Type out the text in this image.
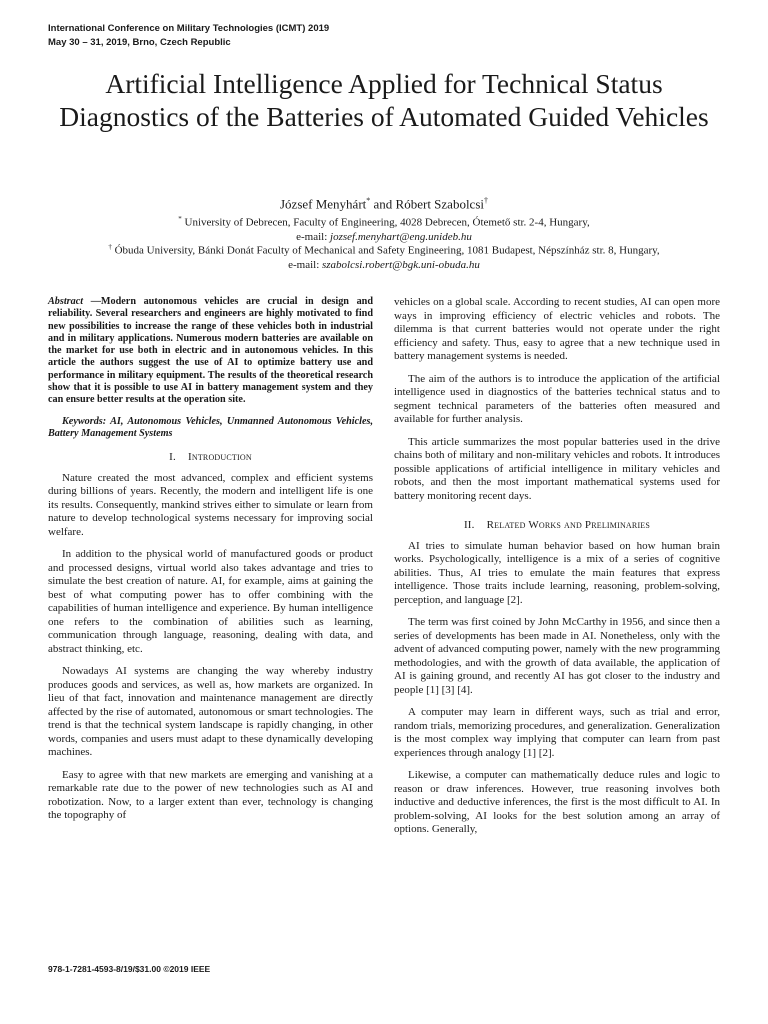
International Conference on Military Technologies (ICMT) 2019
May 30 – 31, 2019, Brno, Czech Republic
Artificial Intelligence Applied for Technical Status Diagnostics of the Batteries of Automated Guided Vehicles
József Menyhárt* and Róbert Szabolcsi†
* University of Debrecen, Faculty of Engineering, 4028 Debrecen, Ótemető str. 2-4, Hungary,
e-mail: jozsef.menyhart@eng.unideb.hu
† Óbuda University, Bánki Donát Faculty of Mechanical and Safety Engineering, 1081 Budapest, Népszínház str. 8, Hungary,
e-mail: szabolcsi.robert@bgk.uni-obuda.hu

Abstract —Modern autonomous vehicles are crucial in design and reliability. Several researchers and engineers are highly motivated to find new possibilities to increase the range of these vehicles both in industrial and in military applications. Numerous modern batteries are available on the market for use both in electric and in autonomous vehicles. In this article the authors suggest the use of AI to optimize battery use and performance in military equipment. The results of the theoretical research show that it is possible to use AI in battery management system and they can ensure better results at the operation site.

Keywords: AI, Autonomous Vehicles, Unmanned Autonomous Vehicles, Battery Management Systems

I. Introduction

Nature created the most advanced, complex and efficient systems during billions of years. Recently, the modern and intelligent life is one its results. Consequently, mankind strives either to simulate or learn from nature to develop technological systems necessary for improving social welfare.

In addition to the physical world of manufactured goods or product and processed designs, virtual world also takes advantage and tries to simulate the best creation of nature. AI, for example, aims at gaining the best of what computing power has to offer combining with the capabilities of human intelligence and experience. By human intelligence one refers to the combination of abilities such as learning, communication through language, reasoning, dealing with data, and abstract thinking, etc.

Nowadays AI systems are changing the way whereby industry produces goods and services, as well as, how markets are organized. In lieu of that fact, innovation and maintenance management are directly affected by the rise of automated, autonomous or smart technologies. The trend is that the technical system landscape is rapidly changing, in other words, companies and users must adapt to these dynamically developing machines.

Easy to agree with that new markets are emerging and vanishing at a remarkable rate due to the power of new technologies such as AI and robotization. Now, to a larger extent than ever, technology is changing the topography of

vehicles on a global scale. According to recent studies, AI can open more ways in improving efficiency of electric vehicles and robots. The dilemma is that current batteries would not operate under the right efficiency and safety. Thus, easy to agree that a new technique used in battery management systems is needed.

The aim of the authors is to introduce the application of the artificial intelligence used in diagnostics of the batteries technical status and to segment technical parameters of the batteries often measured and available for further analysis.

This article summarizes the most popular batteries used in the drive chains both of military and non-military vehicles and robots. It introduces possible applications of artificial intelligence in military vehicles and robots, and then the most important mathematical systems used for battery monitoring recent days.

II. Related Works and Preliminaries

AI tries to simulate human behavior based on how human brain works. Psychologically, intelligence is a mix of a series of cognitive abilities. Thus, AI tries to emulate the main features that express intelligence. Those traits include learning, reasoning, problem-solving, perception, and language [2].

The term was first coined by John McCarthy in 1956, and since then a series of developments has been made in AI. Nonetheless, only with the advent of advanced computing power, namely with the new programming methodologies, and with the growth of data available, the application of AI is gaining ground, and recently AI has got closer to the industry and people [1] [3] [4].

A computer may learn in different ways, such as trial and error, random trials, memorizing procedures, and generalization. Generalization is the most complex way implying that computer can learn from past experiences through analogy [1] [2].

Likewise, a computer can mathematically deduce rules and logic to reason or draw inferences. However, true reasoning involves both inductive and deductive inferences, the first is the most difficult to AI. In problem-solving, AI looks for the best solution among an array of options. Generally,

978-1-7281-4593-8/19/$31.00 ©2019 IEEE
